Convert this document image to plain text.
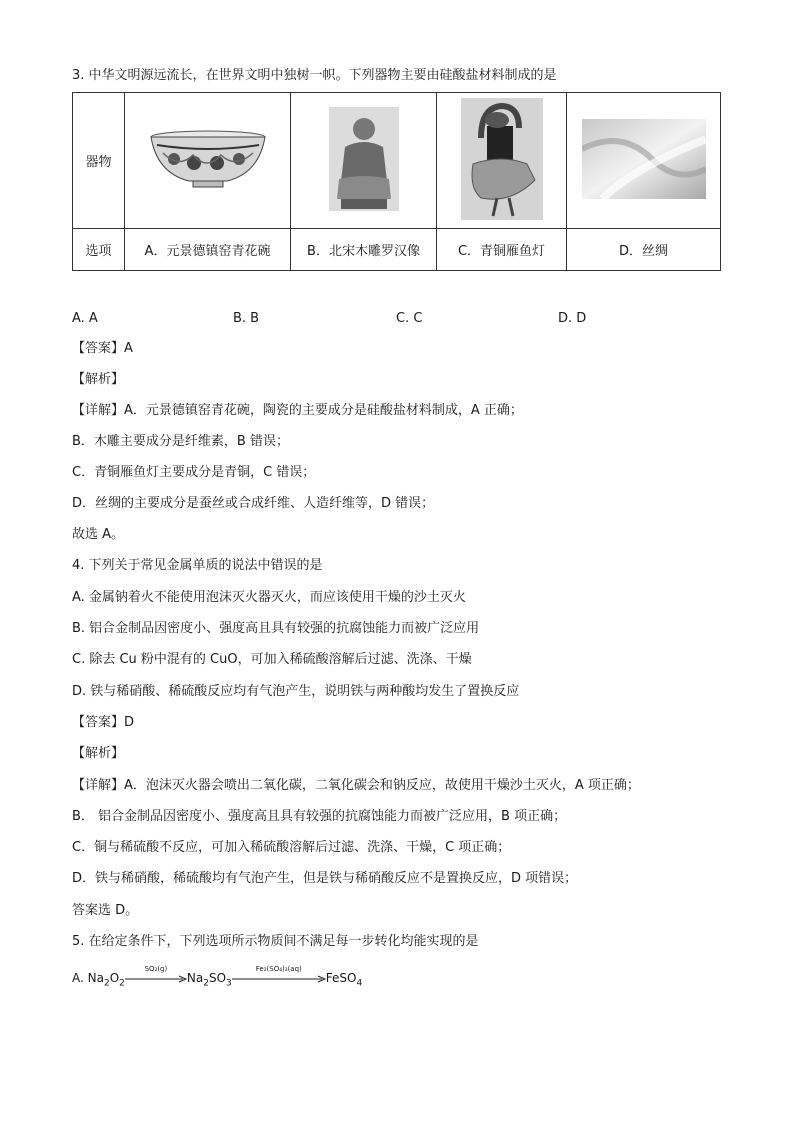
3. 中华文明源远流长，在世界文明中独树一帜。下列器物主要由硅酸盐材料制成的是
器物				
选项	A．元景德镇窑青花碗	B．北宋木雕罗汉像	C．青铜雁鱼灯	D．丝绸
A. A	B. B	C. C	D. D
【答案】A
【解析】
【详解】A．元景德镇窑青花碗，陶瓷的主要成分是硅酸盐材料制成，A 正确；
B．木雕主要成分是纤维素，B 错误；
C．青铜雁鱼灯主要成分是青铜，C 错误；
D．丝绸的主要成分是蚕丝或合成纤维、人造纤维等，D 错误；
故选 A。
4. 下列关于常见金属单质的说法中错误的是
A. 金属钠着火不能使用泡沫灭火器灭火，而应该使用干燥的沙土灭火
B. 铝合金制品因密度小、强度高且具有较强的抗腐蚀能力而被广泛应用
C. 除去 Cu 粉中混有的 CuO，可加入稀硫酸溶解后过滤、洗涤、干燥
D. 铁与稀硝酸、稀硫酸反应均有气泡产生，说明铁与两种酸均发生了置换反应
【答案】D
【解析】
【详解】A．泡沫灭火器会喷出二氧化碳，二氧化碳会和钠反应，故使用干燥沙土灭火，A 项正确；
B． 铝合金制品因密度小、强度高且具有较强的抗腐蚀能力而被广泛应用，B 项正确；
C．铜与稀硫酸不反应，可加入稀硫酸溶解后过滤、洗涤、干燥，C 项正确；
D．铁与稀硝酸，稀硫酸均有气泡产生，但是铁与稀硝酸反应不是置换反应，D 项错误；
答案选 D。
5. 在给定条件下，下列选项所示物质间不满足每一步转化均能实现的是
A. $Na_2O_2$
SO₂(g)
$Na_2SO_3$
Fe₂(SO₄)₃(aq)
FeSO$_4$
